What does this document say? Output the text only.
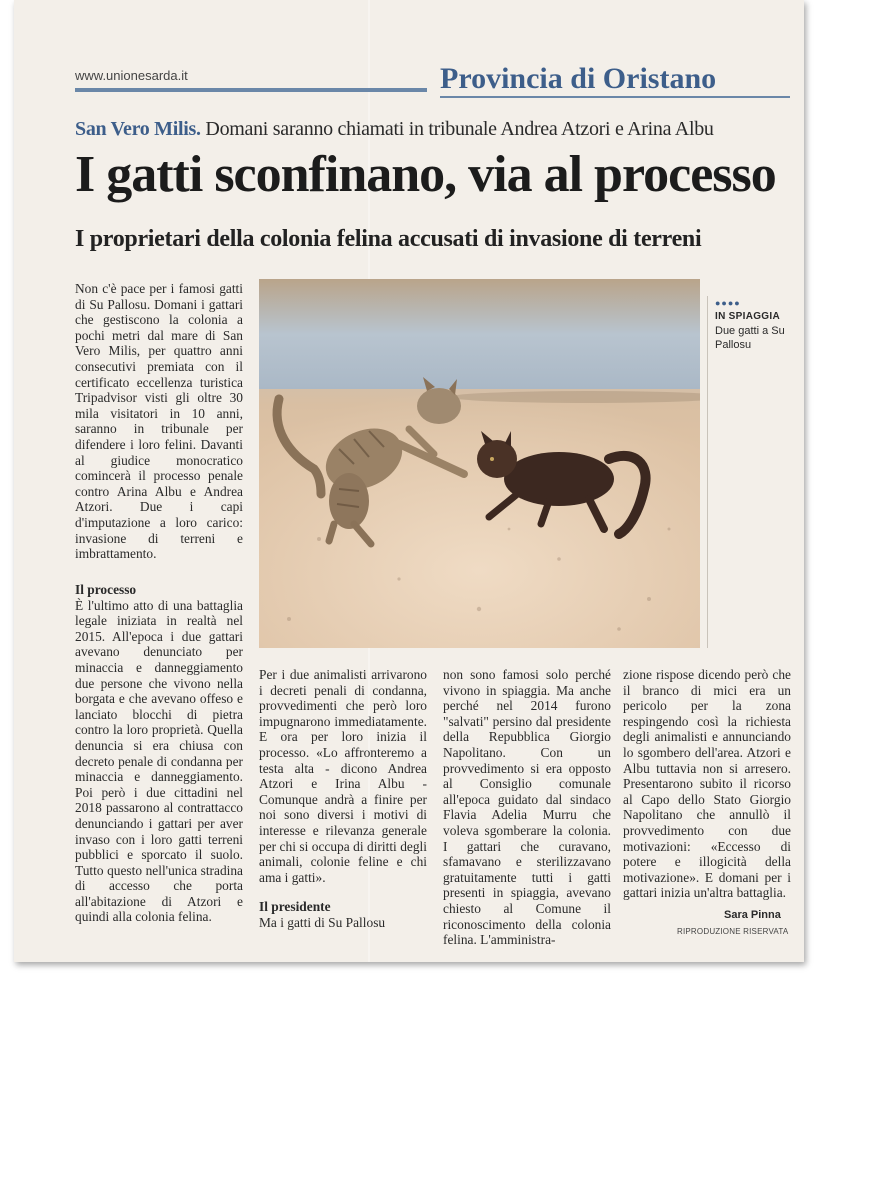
www.unionesarda.it	Provincia di Oristano
San Vero Milis. Domani saranno chiamati in tribunale Andrea Atzori e Arina Albu
I gatti sconfinano, via al processo
I proprietari della colonia felina accusati di invasione di terreni

Non c'è pace per i famosi gatti di Su Pallosu. Domani i gattari che gestiscono la colonia a pochi metri dal mare di San Vero Milis, per quattro anni consecutivi premiata con il certificato eccellenza turistica Tripadvisor visti gli oltre 30 mila visitatori in 10 anni, saranno in tribunale per difendere i loro felini. Davanti al giudice monocratico comincerà il processo penale contro Arina Albu e Andrea Atzori. Due i capi d'imputazione a loro carico: invasione di terreni e imbrattamento.

Il processo

È l'ultimo atto di una battaglia legale iniziata in realtà nel 2015. All'epoca i due gattari avevano denunciato per minaccia e danneggiamento due persone che vivono nella borgata e che avevano offeso e lanciato blocchi di pietra contro la loro proprietà. Quella denuncia si era chiusa con decreto penale di condanna per minaccia e danneggiamento. Poi però i due cittadini nel 2018 passarono al contrattacco denunciando i gattari per aver invaso con i loro gatti terreni pubblici e sporcato il suolo. Tutto questo nell'unica stradina di accesso che porta all'abitazione di Atzori e quindi alla colonia felina.

●●●●
IN SPIAGGIA
Due gatti a Su Pallosu

Per i due animalisti arrivarono i decreti penali di condanna, provvedimenti che però loro impugnarono immediatamente. E ora per loro inizia il processo. «Lo affronteremo a testa alta - dicono Andrea Atzori e Irina Albu - Comunque andrà a finire per noi sono diversi i motivi di interesse e rilevanza generale per chi si occupa di diritti degli animali, colonie feline e chi ama i gatti».

Il presidente

Ma i gatti di Su Pallosu

non sono famosi solo perché vivono in spiaggia. Ma anche perché nel 2014 furono "salvati" persino dal presidente della Repubblica Giorgio Napolitano. Con un provvedimento si era opposto al Consiglio comunale all'epoca guidato dal sindaco Flavia Adelia Murru che voleva sgomberare la colonia. I gattari che curavano, sfamavano e sterilizzavano gratuitamente tutti i gatti presenti in spiaggia, avevano chiesto al Comune il riconoscimento della colonia felina. L'amministra-

zione rispose dicendo però che il branco di mici era un pericolo per la zona respingendo così la richiesta degli animalisti e annunciando lo sgombero dell'area. Atzori e Albu tuttavia non si arresero. Presentarono subito il ricorso al Capo dello Stato Giorgio Napolitano che annullò il provvedimento con due motivazioni: «Eccesso di potere e illogicità della motivazione». E domani per i gattari inizia un'altra battaglia.

Sara Pinna
RIPRODUZIONE RISERVATA
